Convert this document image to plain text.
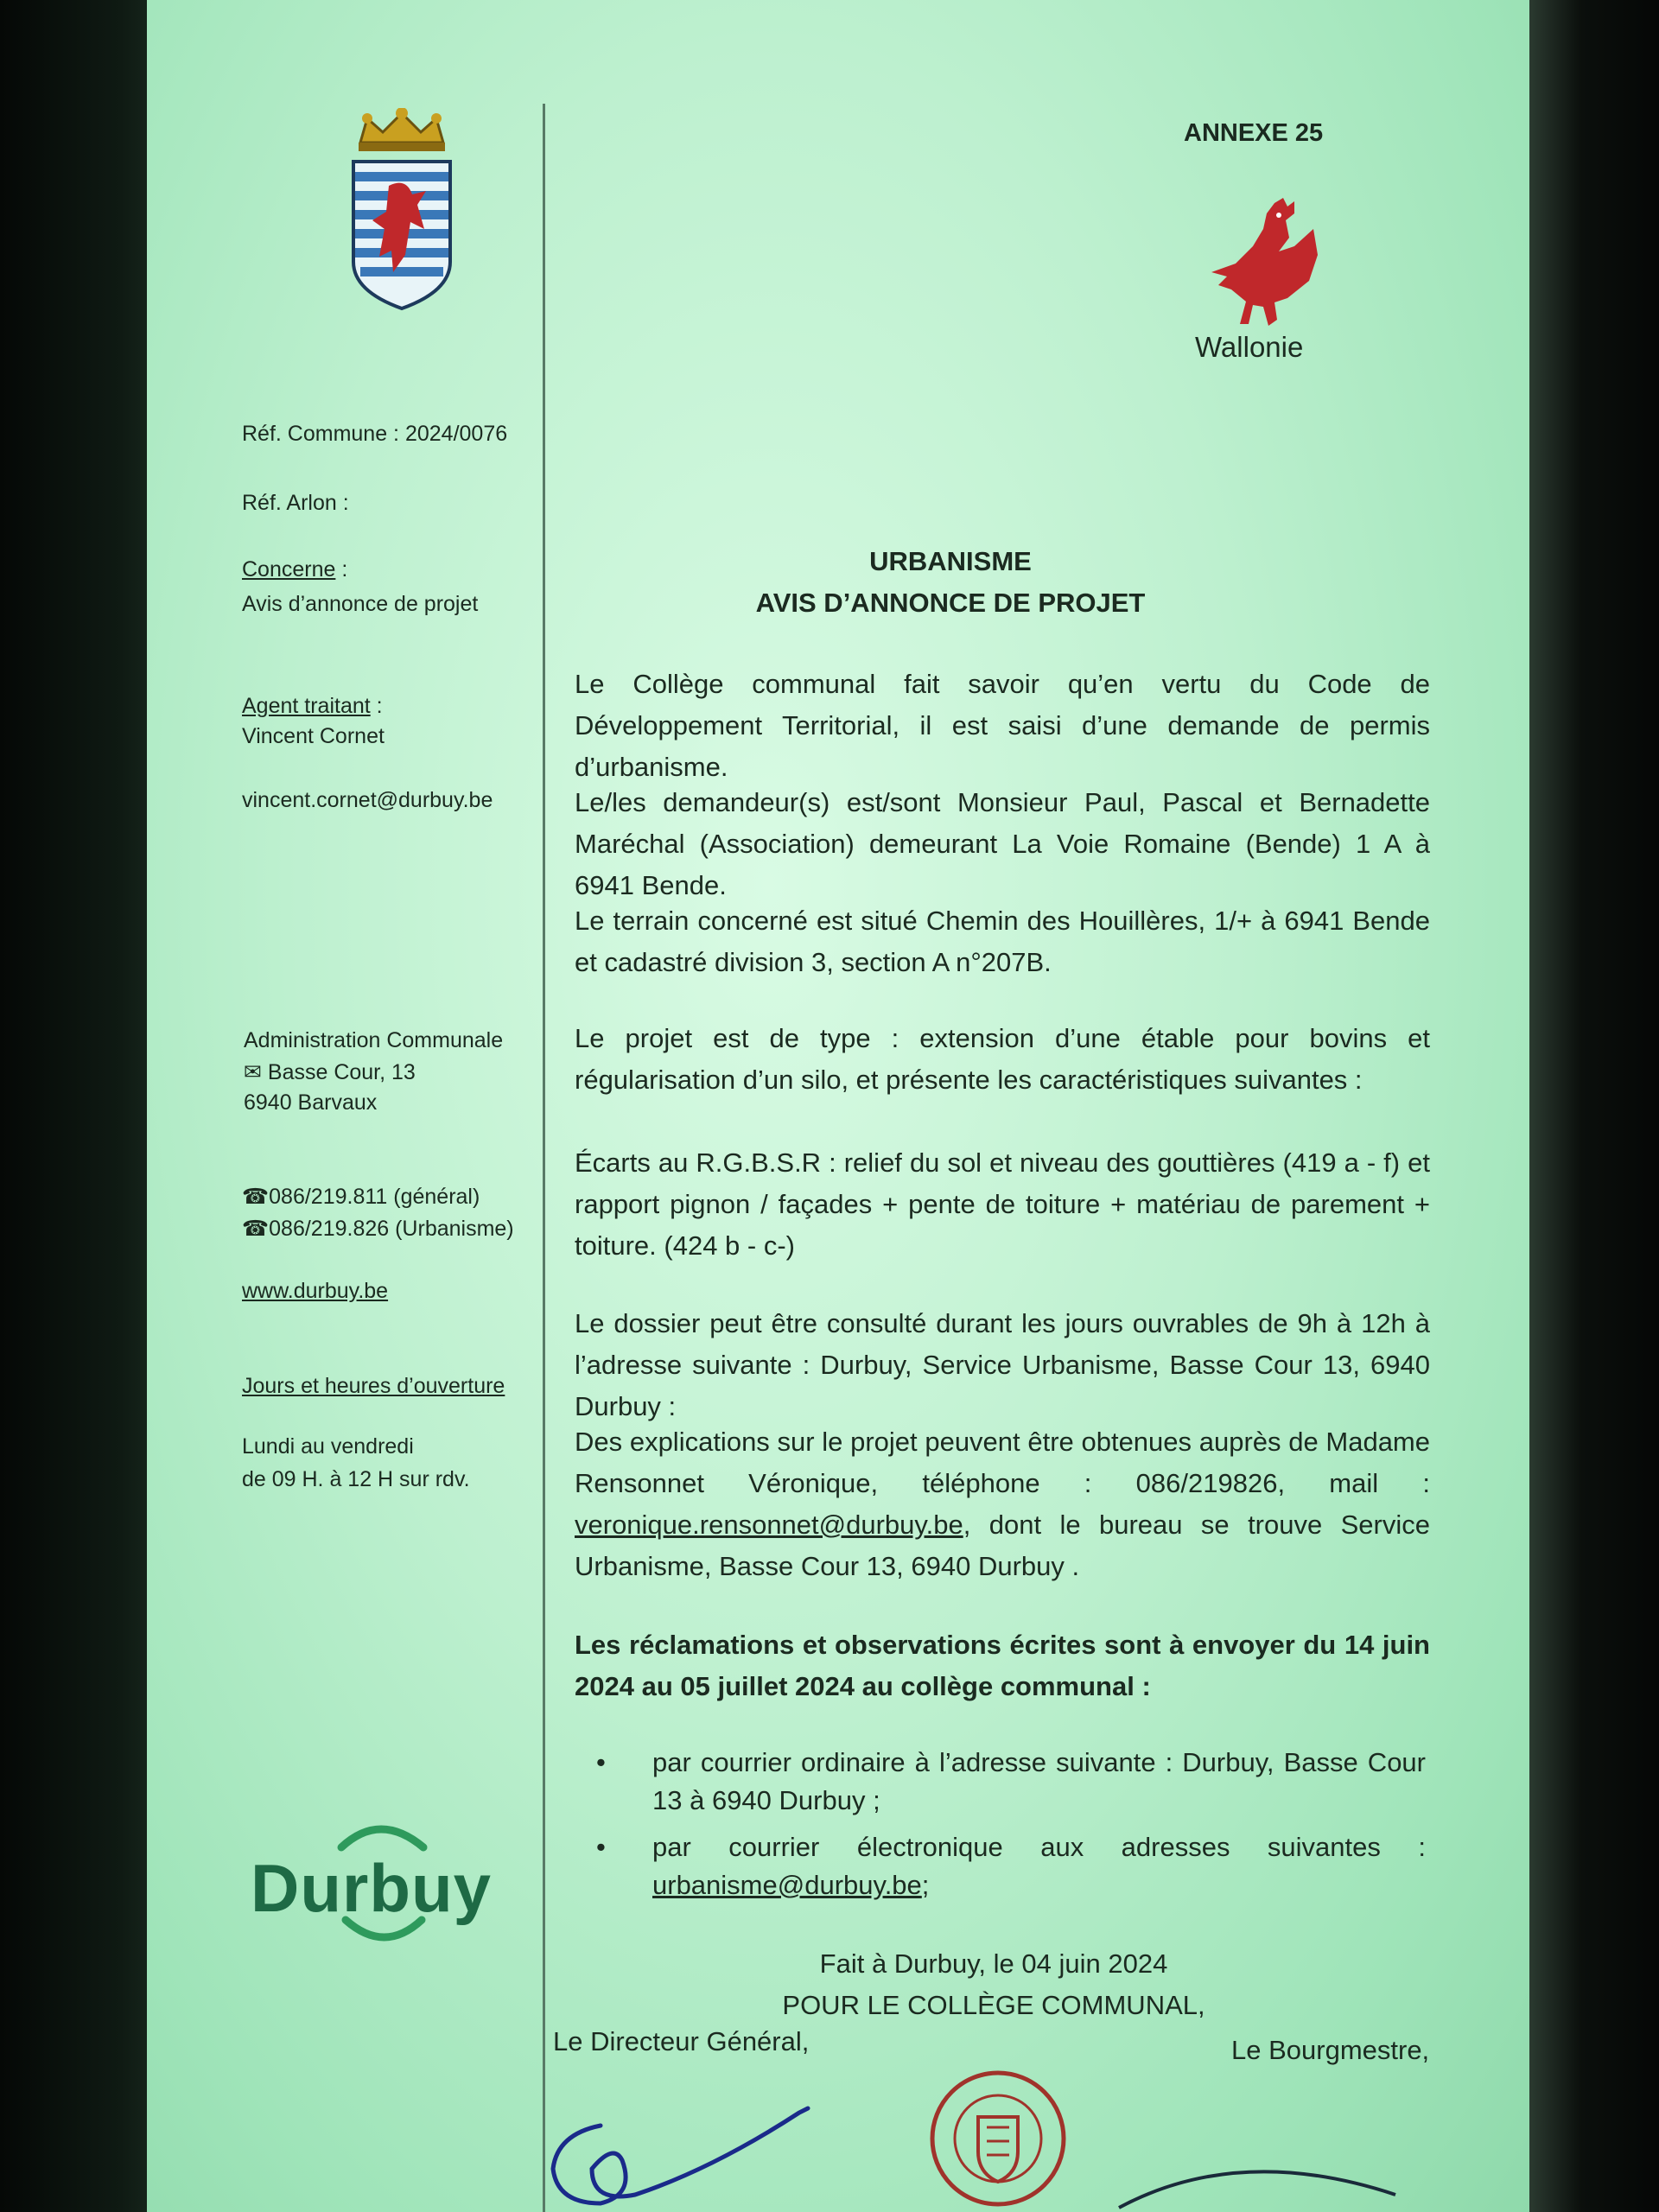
Réf. Commune : 2024/0076
Réf. Arlon :
Concerne :
Avis d’annonce de projet
Agent traitant :
Vincent Cornet
vincent.cornet@durbuy.be
Administration Communale
✉ Basse Cour, 13
6940 Barvaux
☎086/219.811 (général)
☎086/219.826 (Urbanisme)
www.durbuy.be
Jours et heures d’ouverture
Lundi au vendredi
de 09 H. à 12 H sur rdv.
Durbuy
ANNEXE 25
Wallonie
URBANISME
AVIS D’ANNONCE DE PROJET

Le Collège communal fait savoir qu’en vertu du Code de Développement Territorial, il est saisi d’une demande de permis d’urbanisme.

Le/les demandeur(s) est/sont Monsieur Paul, Pascal et Bernadette Maréchal (Association) demeurant La Voie Romaine (Bende) 1 A à 6941 Bende.

Le terrain concerné est situé Chemin des Houillères, 1/+ à 6941 Bende et cadastré division 3, section A n°207B.

Le projet est de type : extension d’une étable pour bovins et régularisation d’un silo, et présente les caractéristiques suivantes :

Écarts au R.G.B.S.R : relief du sol et niveau des gouttières (419 a - f) et rapport pignon / façades + pente de toiture + matériau de parement + toiture. (424 b - c-)

Le dossier peut être consulté durant les jours ouvrables de 9h à 12h à l’adresse suivante : Durbuy, Service Urbanisme, Basse Cour 13, 6940 Durbuy :

Des explications sur le projet peuvent être obtenues auprès de Madame Rensonnet Véronique, téléphone : 086/219826, mail : veronique.rensonnet@durbuy.be, dont le bureau se trouve Service Urbanisme, Basse Cour 13, 6940 Durbuy .

Les réclamations et observations écrites sont à envoyer du 14 juin 2024 au 05 juillet 2024 au collège communal :

• par courrier ordinaire à l’adresse suivante : Durbuy, Basse Cour 13 à 6940 Durbuy ;
• par courrier électronique aux adresses suivantes : urbanisme@durbuy.be;
Fait à Durbuy, le 04 juin 2024
POUR LE COLLÈGE COMMUNAL,
Le Directeur Général,	Le Bourgmestre,
